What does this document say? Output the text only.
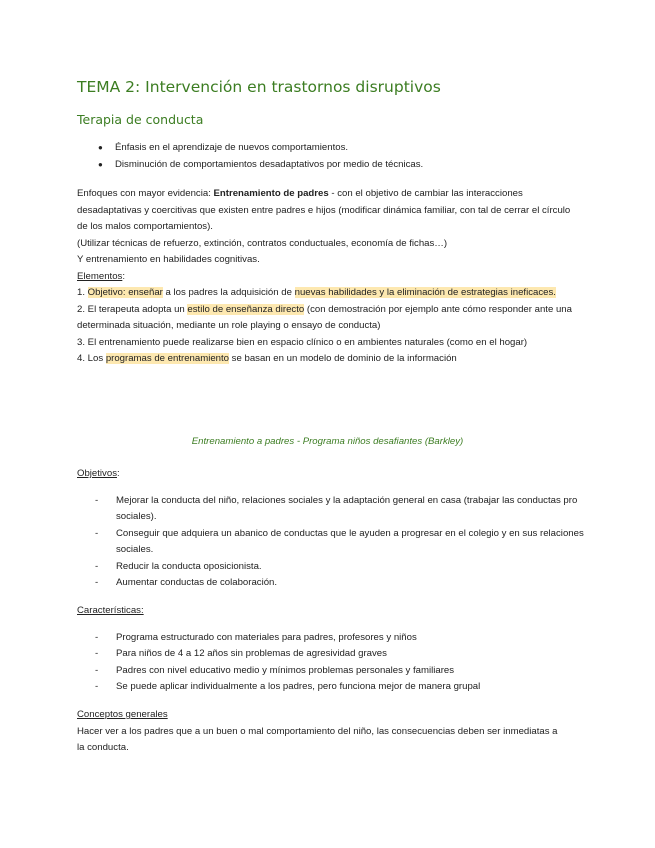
TEMA 2: Intervención en trastornos disruptivos
Terapia de conducta
● Énfasis en el aprendizaje de nuevos comportamientos.
● Disminución de comportamientos desadaptativos por medio de técnicas.

Enfoques con mayor evidencia: Entrenamiento de padres - con el objetivo de cambiar las interacciones desadaptativas y coercitivas que existen entre padres e hijos (modificar dinámica familiar, con tal de cerrar el círculo de los malos comportamientos).

(Utilizar técnicas de refuerzo, extinción, contratos conductuales, economía de fichas…)

Y entrenamiento en habilidades cognitivas.

Elementos:

1. Objetivo: enseñar a los padres la adquisición de nuevas habilidades y la eliminación de estrategias ineficaces.

2. El terapeuta adopta un estilo de enseñanza directo (con demostración por ejemplo ante cómo responder ante una determinada situación, mediante un role playing o ensayo de conducta)

3. El entrenamiento puede realizarse bien en espacio clínico o en ambientes naturales (como en el hogar)

4. Los programas de entrenamiento se basan en un modelo de dominio de la información

Entrenamiento a padres - Programa niños desafiantes (Barkley)

Objetivos:

- Mejorar la conducta del niño, relaciones sociales y la adaptación general en casa (trabajar las conductas pro sociales).
- Conseguir que adquiera un abanico de conductas que le ayuden a progresar en el colegio y en sus relaciones sociales.
- Reducir la conducta oposicionista.
- Aumentar conductas de colaboración.

Características:

- Programa estructurado con materiales para padres, profesores y niños
- Para niños de 4 a 12 años sin problemas de agresividad graves
- Padres con nivel educativo medio y mínimos problemas personales y familiares
- Se puede aplicar individualmente a los padres, pero funciona mejor de manera grupal

Conceptos generales

Hacer ver a los padres que a un buen o mal comportamiento del niño, las consecuencias deben ser inmediatas a la conducta.
